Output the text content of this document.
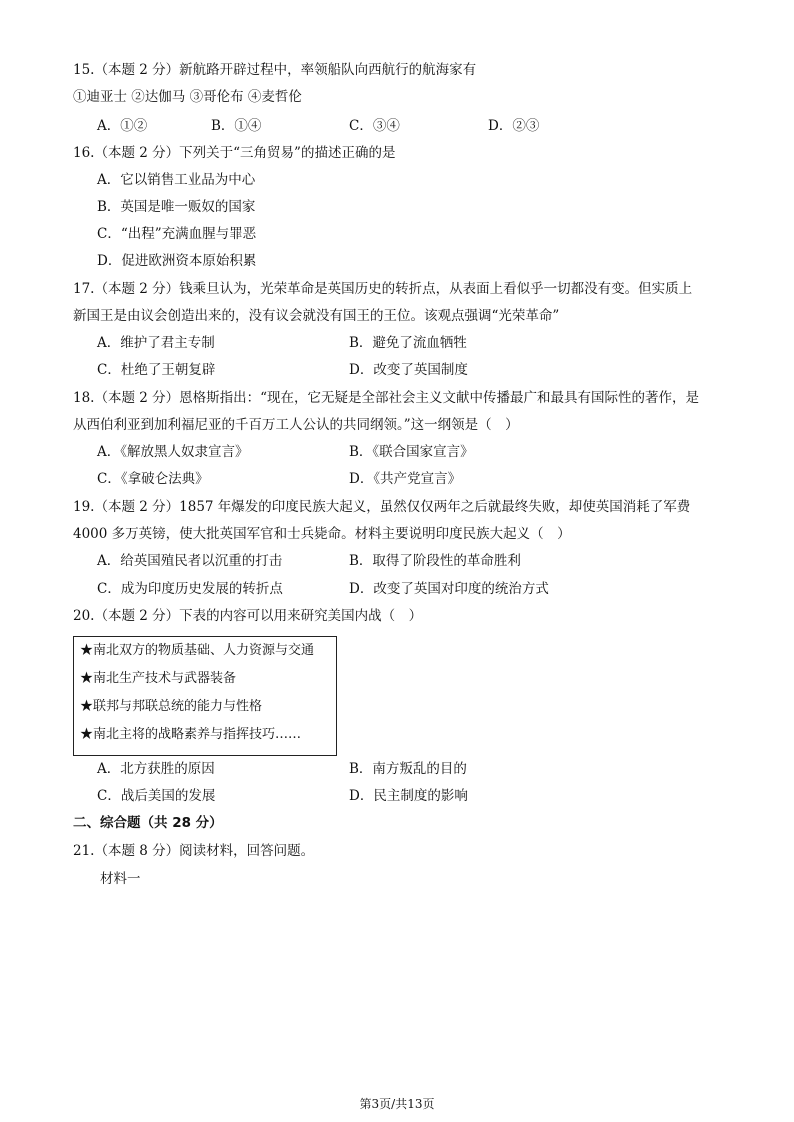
15.（本题 2 分）新航路开辟过程中，率领船队向西航行的航海家有
①迪亚士 ②达伽马 ③哥伦布 ④麦哲伦
A．①②	B．①④	C．③④	D．②③
16.（本题 2 分）下列关于“三角贸易”的描述正确的是
A．它以销售工业品为中心
B．英国是唯一贩奴的国家
C．“出程”充满血腥与罪恶
D．促进欧洲资本原始积累
17.（本题 2 分）钱乘旦认为，光荣革命是英国历史的转折点，从表面上看似乎一切都没有变。但实质上
新国王是由议会创造出来的，没有议会就没有国王的王位。该观点强调“光荣革命”
A．维护了君主专制	B．避免了流血牺牲
C．杜绝了王朝复辟	D．改变了英国制度
18.（本题 2 分）恩格斯指出：“现在，它无疑是全部社会主义文献中传播最广和最具有国际性的著作，是
从西伯利亚到加利福尼亚的千百万工人公认的共同纲领。”这一纲领是（　）
A．《解放黑人奴隶宣言》	B．《联合国家宣言》
C．《拿破仑法典》	D．《共产党宣言》
19.（本题 2 分）1857 年爆发的印度民族大起义，虽然仅仅两年之后就最终失败，却使英国消耗了军费
4000 多万英镑，使大批英国军官和士兵毙命。材料主要说明印度民族大起义（　）
A．给英国殖民者以沉重的打击	B．取得了阶段性的革命胜利
C．成为印度历史发展的转折点	D．改变了英国对印度的统治方式
20.（本题 2 分）下表的内容可以用来研究美国内战（　）
★南北双方的物质基础、人力资源与交通
★南北生产技术与武器装备
★联邦与邦联总统的能力与性格
★南北主将的战略素养与指挥技巧……
A．北方获胜的原因	B．南方叛乱的目的
C．战后美国的发展	D．民主制度的影响
二、综合题（共 28 分）
21.（本题 8 分）阅读材料，回答问题。
材料一
第3页/共13页
